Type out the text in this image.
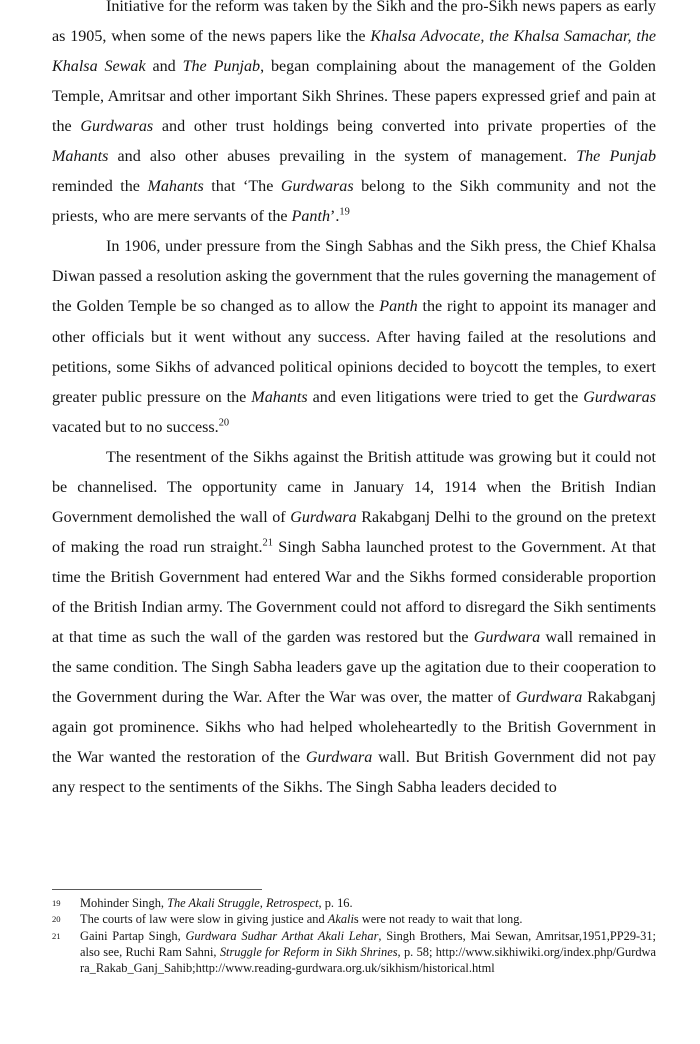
Initiative for the reform was taken by the Sikh and the pro-Sikh news papers as early as 1905, when some of the news papers like the Khalsa Advocate, the Khalsa Samachar, the Khalsa Sewak and The Punjab, began complaining about the management of the Golden Temple, Amritsar and other important Sikh Shrines. These papers expressed grief and pain at the Gurdwaras and other trust holdings being converted into private properties of the Mahants and also other abuses prevailing in the system of management. The Punjab reminded the Mahants that ‘The Gurdwaras belong to the Sikh community and not the priests, who are mere servants of the Panth’.$^{19}$

In 1906, under pressure from the Singh Sabhas and the Sikh press, the Chief Khalsa Diwan passed a resolution asking the government that the rules governing the management of the Golden Temple be so changed as to allow the Panth the right to appoint its manager and other officials but it went without any success. After having failed at the resolutions and petitions, some Sikhs of advanced political opinions decided to boycott the temples, to exert greater public pressure on the Mahants and even litigations were tried to get the Gurdwaras vacated but to no success.$^{20}$

The resentment of the Sikhs against the British attitude was growing but it could not be channelised. The opportunity came in January 14, 1914 when the British Indian Government demolished the wall of Gurdwara Rakabganj Delhi to the ground on the pretext of making the road run straight.$^{21}$ Singh Sabha launched protest to the Government. At that time the British Government had entered War and the Sikhs formed considerable proportion of the British Indian army. The Government could not afford to disregard the Sikh sentiments at that time as such the wall of the garden was restored but the Gurdwara wall remained in the same condition. The Singh Sabha leaders gave up the agitation due to their cooperation to the Government during the War. After the War was over, the matter of Gurdwara Rakabganj again got prominence. Sikhs who had helped wholeheartedly to the British Government in the War wanted the restoration of the Gurdwara wall. But British Government did not pay any respect to the sentiments of the Sikhs. The Singh Sabha leaders decided to

19	Mohinder Singh, The Akali Struggle, Retrospect, p. 16.
20	The courts of law were slow in giving justice and Akalis were not ready to wait that long.
21	Gaini Partap Singh, Gurdwara Sudhar Arthat Akali Lehar, Singh Brothers, Mai Sewan, Amritsar,1951,PP29-31; also see, Ruchi Ram Sahni, Struggle for Reform in Sikh Shrines, p. 58; http://www.sikhiwiki.org/index.php/Gurdwara_Rakab_Ganj_Sahib;http://www.reading-gurdwara.org.uk/sikhism/historical.html
